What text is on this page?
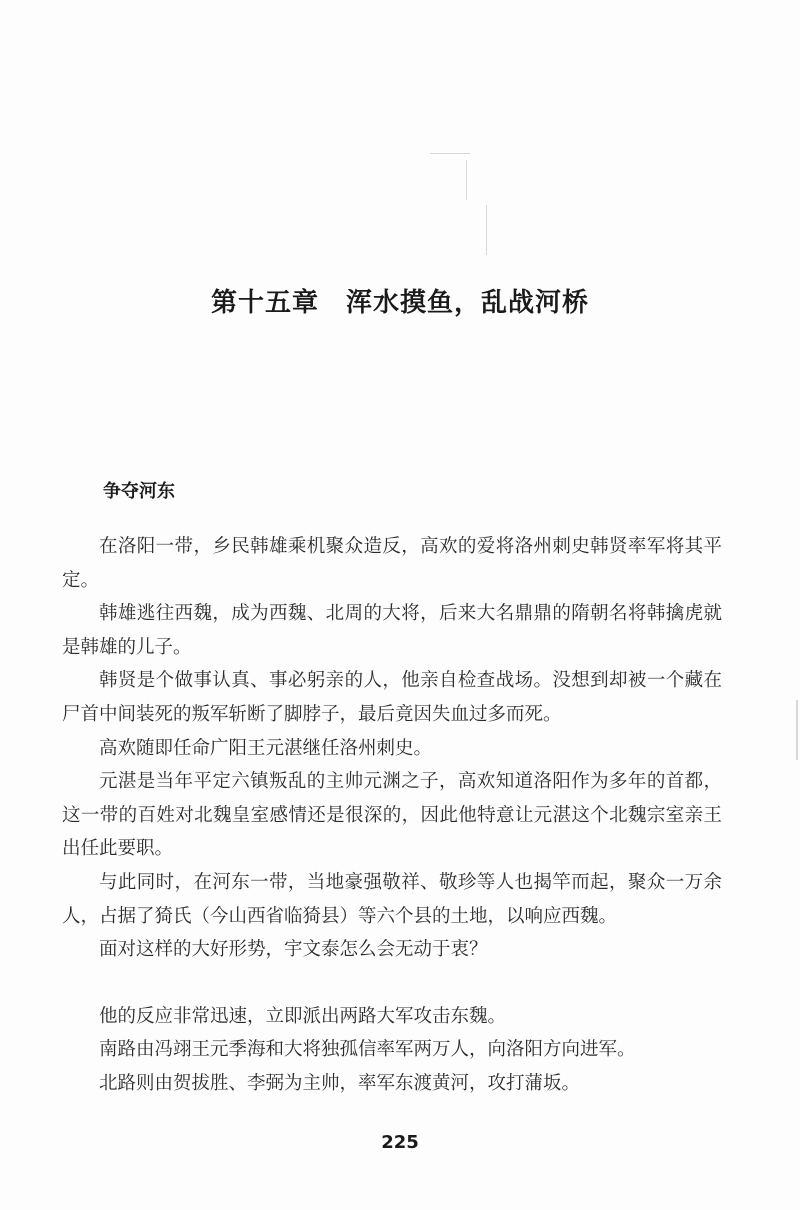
第十五章　浑水摸鱼，乱战河桥
争夺河东

在洛阳一带，乡民韩雄乘机聚众造反，高欢的爱将洛州刺史韩贤率军将其平定。

韩雄逃往西魏，成为西魏、北周的大将，后来大名鼎鼎的隋朝名将韩擒虎就是韩雄的儿子。

韩贤是个做事认真、事必躬亲的人，他亲自检查战场。没想到却被一个藏在尸首中间装死的叛军斩断了脚脖子，最后竟因失血过多而死。

高欢随即任命广阳王元湛继任洛州刺史。

元湛是当年平定六镇叛乱的主帅元渊之子，高欢知道洛阳作为多年的首都，这一带的百姓对北魏皇室感情还是很深的，因此他特意让元湛这个北魏宗室亲王出任此要职。

与此同时，在河东一带，当地豪强敬祥、敬珍等人也揭竿而起，聚众一万余人，占据了猗氏（今山西省临猗县）等六个县的土地，以响应西魏。

面对这样的大好形势，宇文泰怎么会无动于衷？

他的反应非常迅速，立即派出两路大军攻击东魏。

南路由冯翊王元季海和大将独孤信率军两万人，向洛阳方向进军。

北路则由贺拔胜、李弼为主帅，率军东渡黄河，攻打蒲坂。

225
